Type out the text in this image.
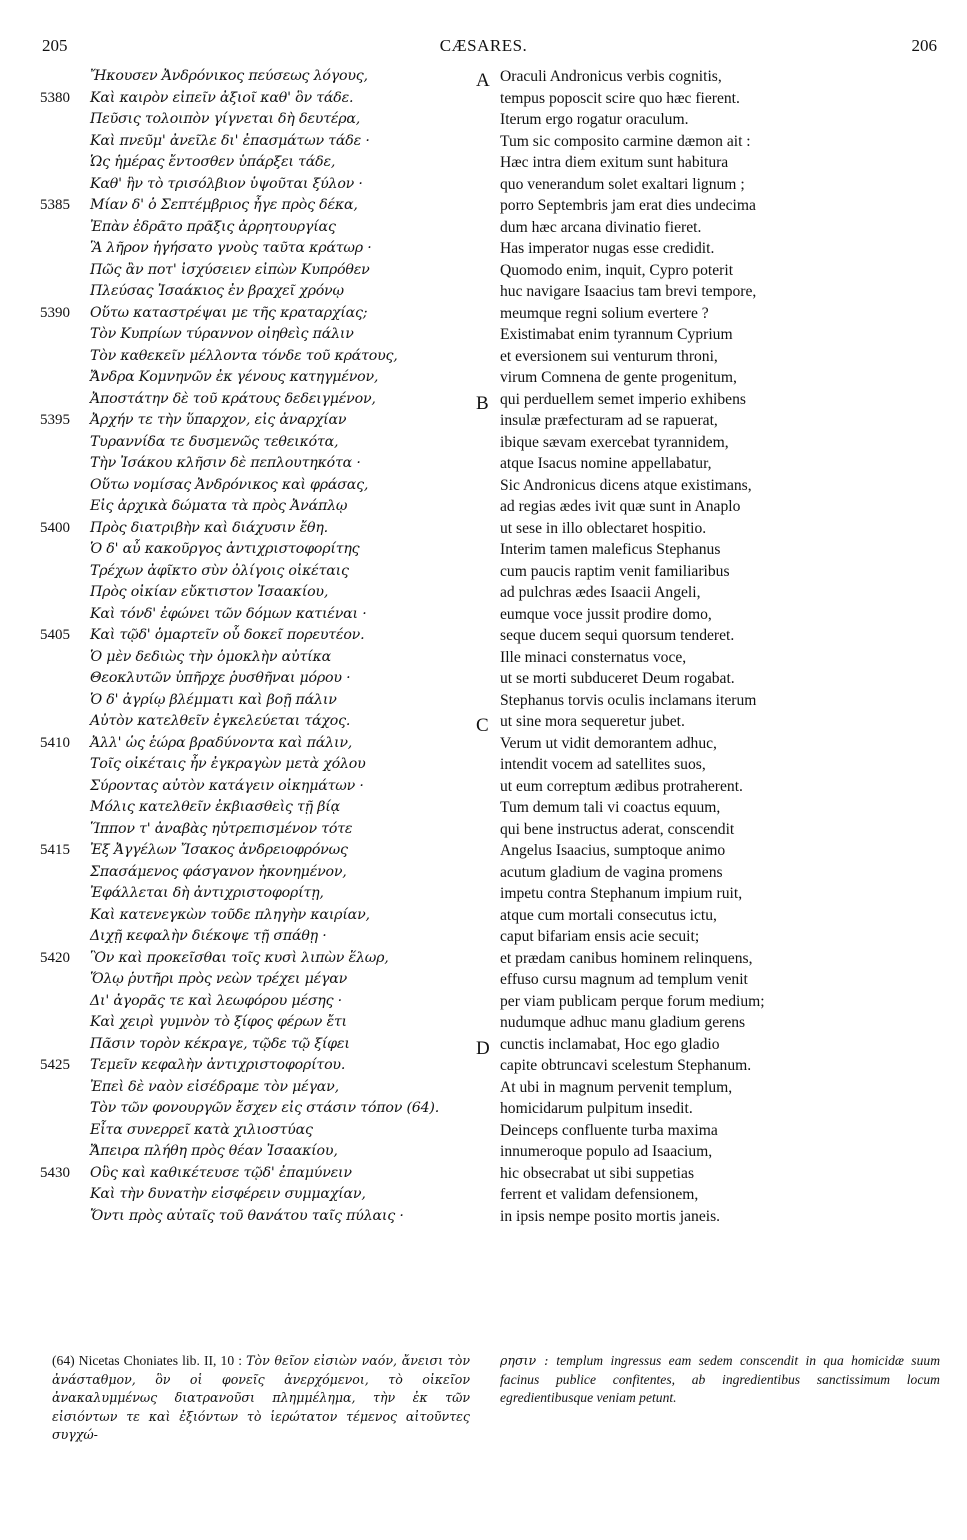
205	CÆSARES.	206
Ἤκουσεν Ἀνδρόνικος πεύσεως λόγους,
5380	Καὶ καιρὸν εἰπεῖν ἀξιοῖ καθ' ὃν τάδε.
Πεῦσις τολοιπὸν γίγνεται δὴ δευτέρα,
Καὶ πνεῦμ' ἀνεῖλε δι' ἐπασμάτων τάδε ·
Ὡς ἡμέρας ἔντοσθεν ὑπάρξει τάδε,
Καθ' ἣν τὸ τρισόλβιον ὑψοῦται ξύλον ·
5385	Μίαν δ' ὁ Σεπτέμβριος ἦγε πρὸς δέκα,
Ἐπὰν ἐδρᾶτο πρᾶξις ἀρρητουργίας
Ἃ λῆρον ἡγήσατο γνοὺς ταῦτα κράτωρ ·
Πῶς ἂν ποτ' ἰσχύσειεν εἰπὼν Κυπρόθεν
Πλεύσας Ἰσαάκιος ἐν βραχεῖ χρόνῳ
5390	Οὕτω καταστρέψαι με τῆς κραταρχίας;
Τὸν Κυπρίων τύραννον οἰηθεὶς πάλιν
Τὸν καθεκεῖν μέλλοντα τόνδε τοῦ κράτους,
Ἄνδρα Κομνηνῶν ἐκ γένους κατηγμένον,
Ἀποστάτην δὲ τοῦ κράτους δεδειγμένον,
5395	Ἀρχήν τε τὴν ὕπαρχον, εἰς ἀναρχίαν
Τυραννίδα τε δυσμενῶς τεθεικότα,
Τὴν Ἰσάκου κλῆσιν δὲ πεπλουτηκότα ·
Οὕτω νομίσας Ἀνδρόνικος καὶ φράσας,
Εἰς ἀρχικὰ δώματα τὰ πρὸς Ἀνάπλῳ
5400	Πρὸς διατριβὴν καὶ διάχυσιν ἔθη.
Ὁ δ' αὖ κακοῦργος ἀντιχριστοφορίτης
Τρέχων ἀφῖκτο σὺν ὀλίγοις οἰκέταις
Πρὸς οἰκίαν εὔκτιστον Ἰσαακίου,
Καὶ τόνδ' ἐφώνει τῶν δόμων κατιέναι ·
5405	Καὶ τῷδ' ὁμαρτεῖν οὗ δοκεῖ πορευτέον.
Ὁ μὲν δεδιὼς τὴν ὁμοκλὴν αὐτίκα
Θεοκλυτῶν ὑπῆρχε ῥυσθῆναι μόρου ·
Ὁ δ' ἀγρίῳ βλέμματι καὶ βοῇ πάλιν
Αὐτὸν κατελθεῖν ἐγκελεύεται τάχος.
5410	Ἀλλ' ὡς ἑώρα βραδύνοντα καὶ πάλιν,
Τοῖς οἰκέταις ἦν ἐγκραγὼν μετὰ χόλου
Σύροντας αὐτὸν κατάγειν οἰκημάτων ·
Μόλις κατελθεῖν ἐκβιασθεὶς τῇ βίᾳ
Ἵππον τ' ἀναβὰς ηὐτρεπισμένον τότε
5415	Ἐξ Ἀγγέλων Ἴσακος ἀνδρειοφρόνως
Σπασάμενος φάσγανον ἠκονημένον,
Ἐφάλλεται δὴ ἀντιχριστοφορίτῃ,
Καὶ κατενεγκὼν τοῦδε πληγὴν καιρίαν,
Διχῇ κεφαλὴν διέκοψε τῇ σπάθῃ ·
5420	Ὃν καὶ προκεῖσθαι τοῖς κυσὶ λιπὼν ἕλωρ,
Ὅλῳ ῥυτῆρι πρὸς νεὼν τρέχει μέγαν
Δι' ἀγορᾶς τε καὶ λεωφόρου μέσης ·
Καὶ χειρὶ γυμνὸν τὸ ξίφος φέρων ἔτι
Πᾶσιν τορὸν κέκραγε, τῷδε τῷ ξίφει
5425	Τεμεῖν κεφαλὴν ἀντιχριστοφορίτου.
Ἐπεὶ δὲ ναὸν εἰσέδραμε τὸν μέγαν,
Τὸν τῶν φονουργῶν ἔσχεν εἰς στάσιν τόπον (64).
Εἶτα συνερρεῖ κατὰ χιλιοστύας
Ἄπειρα πλήθη πρὸς θέαν Ἰσαακίου,
5430	Οὓς καὶ καθικέτευσε τῷδ' ἐπαμύνειν
Καὶ τὴν δυνατὴν εἰσφέρειν συμμαχίαν,
Ὄντι πρὸς αὐταῖς τοῦ θανάτου ταῖς πύλαις ·
A Oraculi Andronicus verbis cognitis,
tempus poposcit scire quo hæc fierent.
Iterum ergo rogatur oraculum.
Tum sic composito carmine dæmon ait :
Hæc intra diem exitum sunt habitura
quo venerandum solet exaltari lignum ;
porro Septembris jam erat dies undecima
dum hæc arcana divinatio fieret.
Has imperator nugas esse credidit.
Quomodo enim, inquit, Cypro poterit
huc navigare Isaacius tam brevi tempore,
meumque regni solium evertere ?
Existimabat enim tyrannum Cyprium
et eversionem sui venturum throni,
virum Comnena de gente progenitum,
B qui perduellem semet imperio exhibens
insulæ præfecturam ad se rapuerat,
ibique sævam exercebat tyrannidem,
atque Isacus nomine appellabatur,
Sic Andronicus dicens atque existimans,
ad regias ædes ivit quæ sunt in Anaplo
ut sese in illo oblectaret hospitio.
Interim tamen maleficus Stephanus
cum paucis raptim venit familiaribus
ad pulchras ædes Isaacii Angeli,
eumque voce jussit prodire domo,
seque ducem sequi quorsum tenderet.
Ille minaci consternatus voce,
ut se morti subduceret Deum rogabat.
Stephanus torvis oculis inclamans iterum
C ut sine mora sequeretur jubet.
Verum ut vidit demorantem adhuc,
intendit vocem ad satellites suos,
ut eum correptum ædibus protraherent.
Tum demum tali vi coactus equum,
qui bene instructus aderat, conscendit
Angelus Isaacius, sumptoque animo
acutum gladium de vagina promens
impetu contra Stephanum impium ruit,
atque cum mortali consecutus ictu,
caput bifariam ensis acie secuit;
et prædam canibus hominem relinquens,
effuso cursu magnum ad templum venit
per viam publicam perque forum medium;
nudumque adhuc manu gladium gerens
D cunctis inclamabat, Hoc ego gladio
capite obtruncavi scelestum Stephanum.
At ubi in magnum pervenit templum,
homicidarum pulpitum insedit.
Deinceps confluente turba maxima
innumeroque populo ad Isaacium,
hic obsecrabat ut sibi suppetias
ferrent et validam defensionem,
in ipsis nempe posito mortis janeis.
(64) Nicetas Choniates lib. II, 10 : Τὸν θεῖον εἰσιὼν ναόν, ἄνεισι τὸν ἀνάσταθμον, ὃν οἱ φονεῖς ἀνερχόμενοι, τὸ οἰκεῖον ἀνακαλυμμένως διατρανοῦσι πλημμέλημα, τὴν ἐκ τῶν εἰσιόντων τε καὶ ἐξιόντων τὸ ἱερώτατον τέμενος αἰτοῦντες συγχώ-
ρησιν : templum ingressus eam sedem conscendit in qua homicidæ suum facinus publice confitentes, ab ingredientibus sanctissimum locum egredientibusque veniam petunt.
